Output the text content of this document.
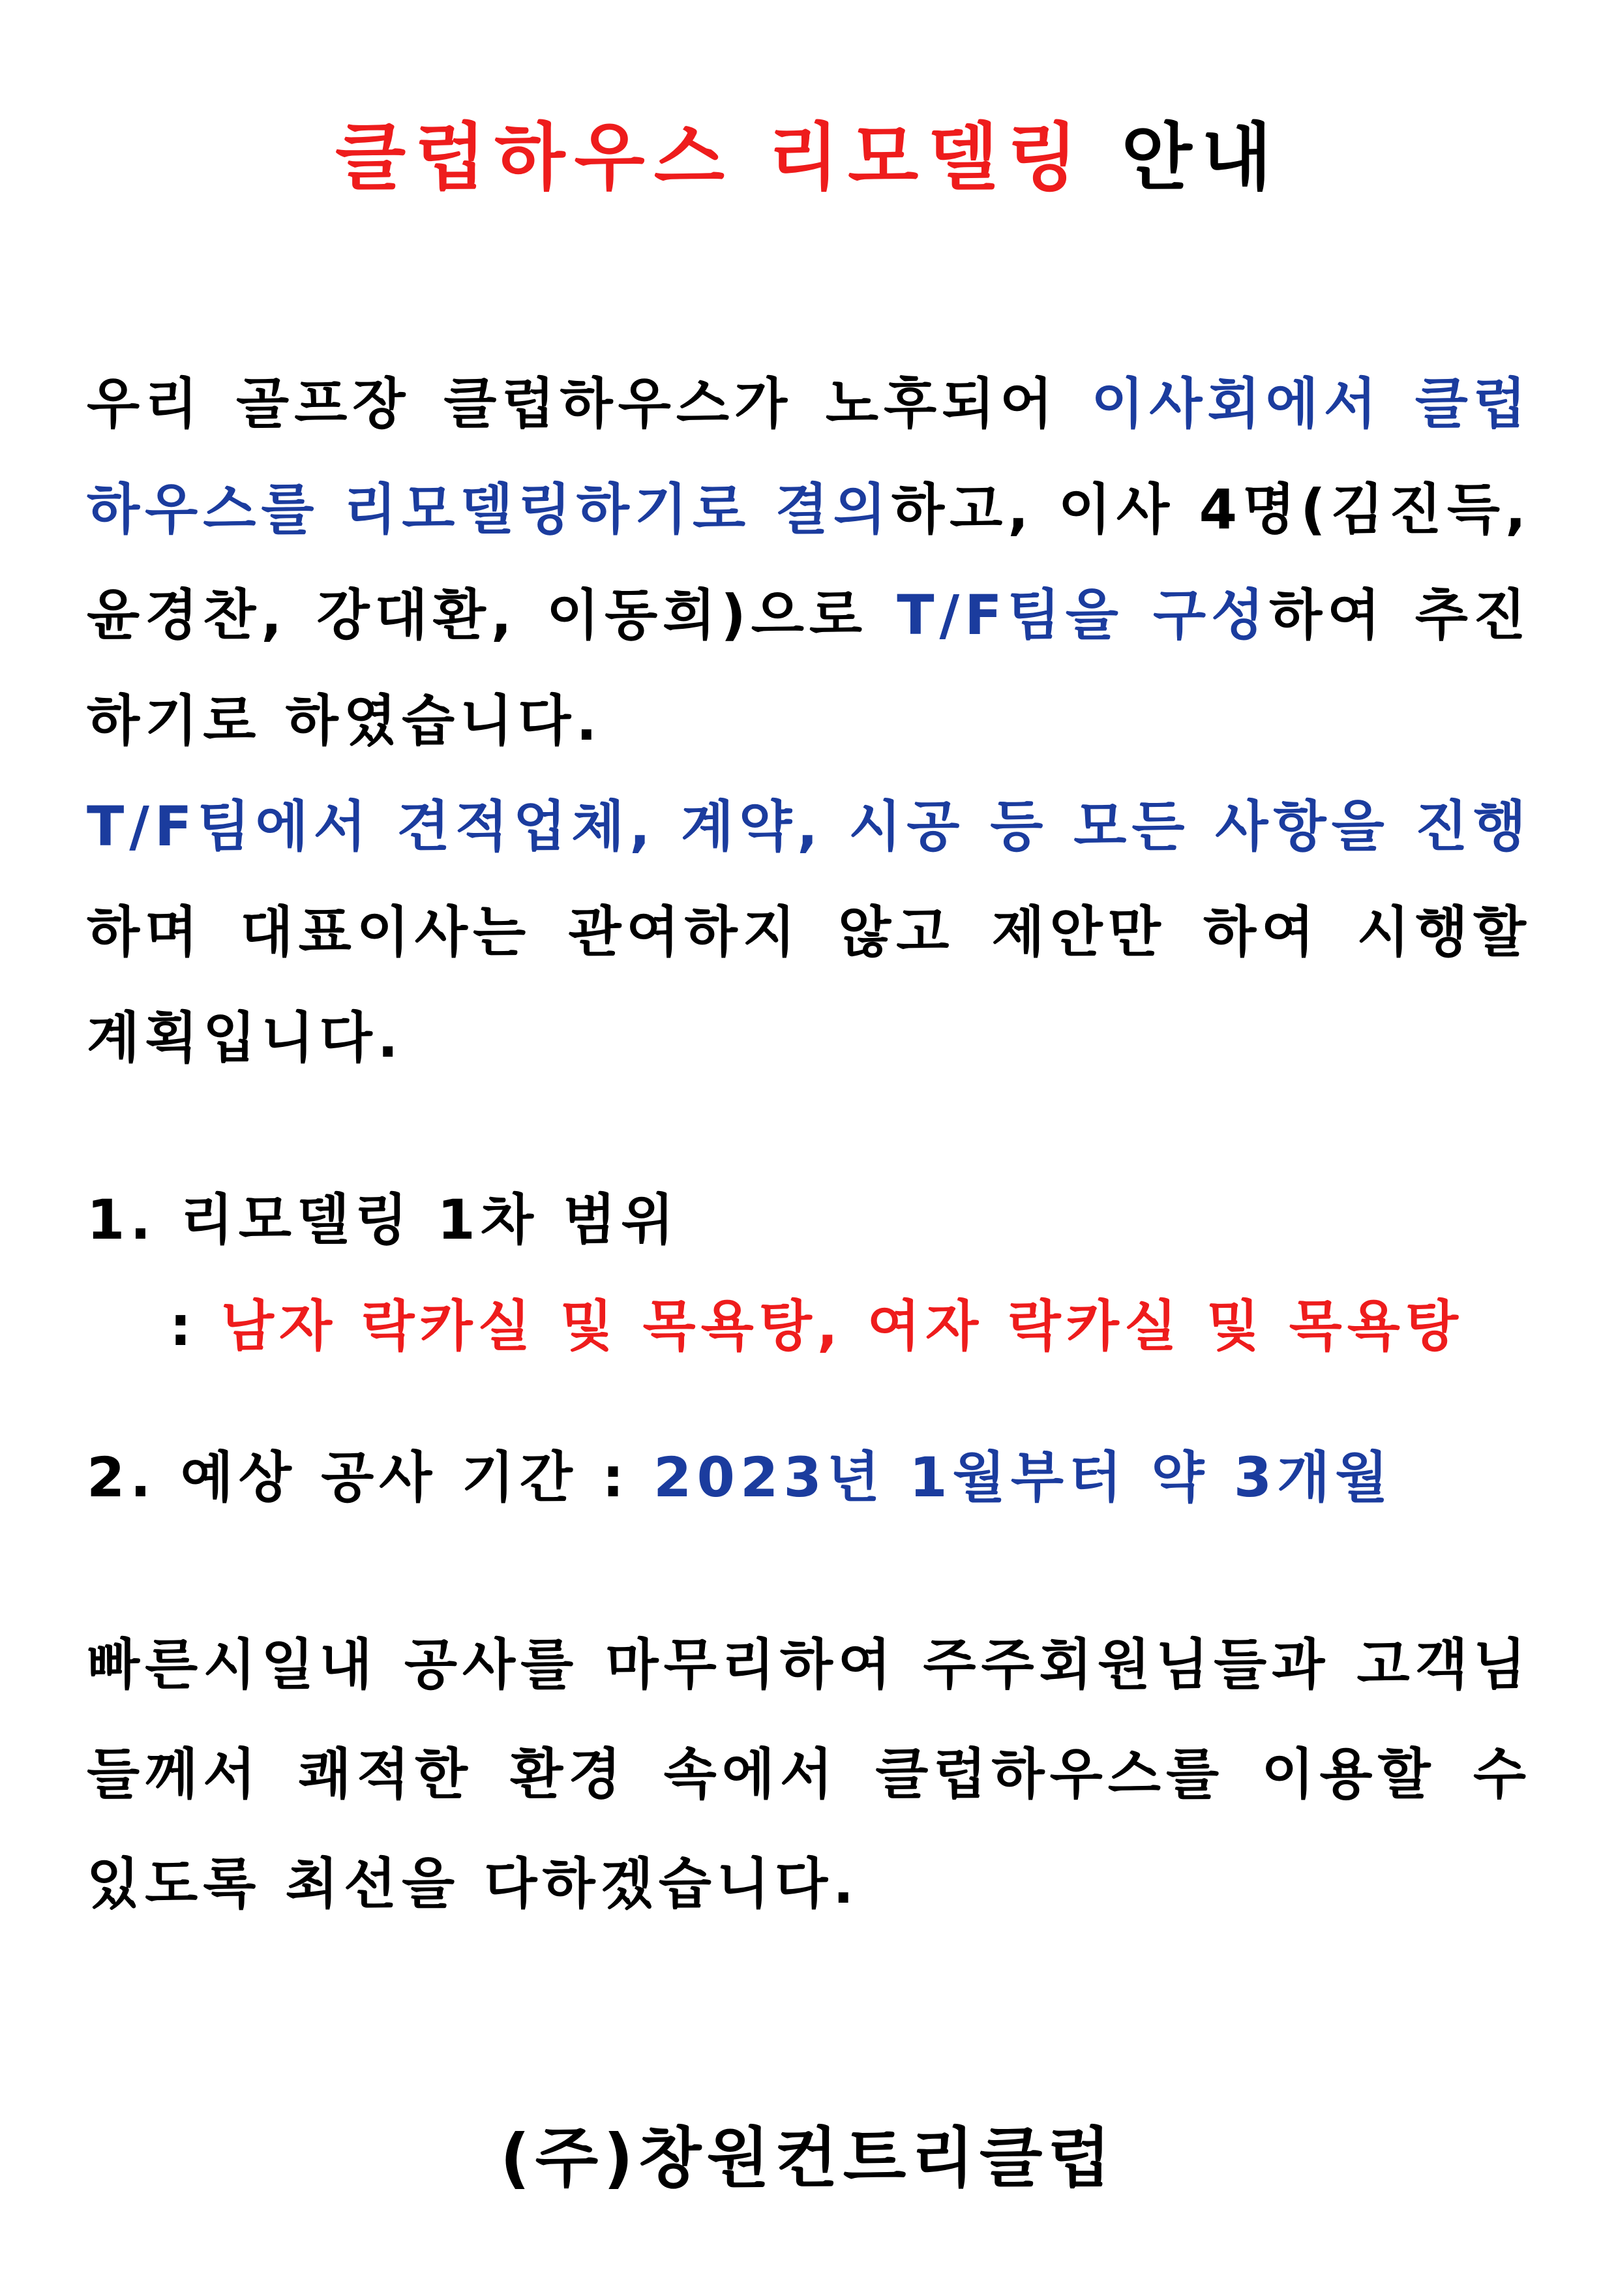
클럽하우스 리모델링 안내
우리 골프장 클럽하우스가 노후되어 이사회에서 클럽하우스를 리모델링하기로 결의하고, 이사 4명(김진득, 윤경찬, 강대환, 이동희)으로 T/F팀을 구성하여 추진하기로 하였습니다.
T/F팀에서 견적업체, 계약, 시공 등 모든 사항을 진행하며 대표이사는 관여하지 않고 제안만 하여 시행할 계획입니다.
1. 리모델링 1차 범위
: 남자 락카실 및 목욕탕, 여자 락카실 및 목욕탕
2. 예상 공사 기간 : 2023년 1월부터 약 3개월
빠른시일내 공사를 마무리하여 주주회원님들과 고객님들께서 쾌적한 환경 속에서 클럽하우스를 이용할 수 있도록 최선을 다하겠습니다.
(주)창원컨트리클럽
